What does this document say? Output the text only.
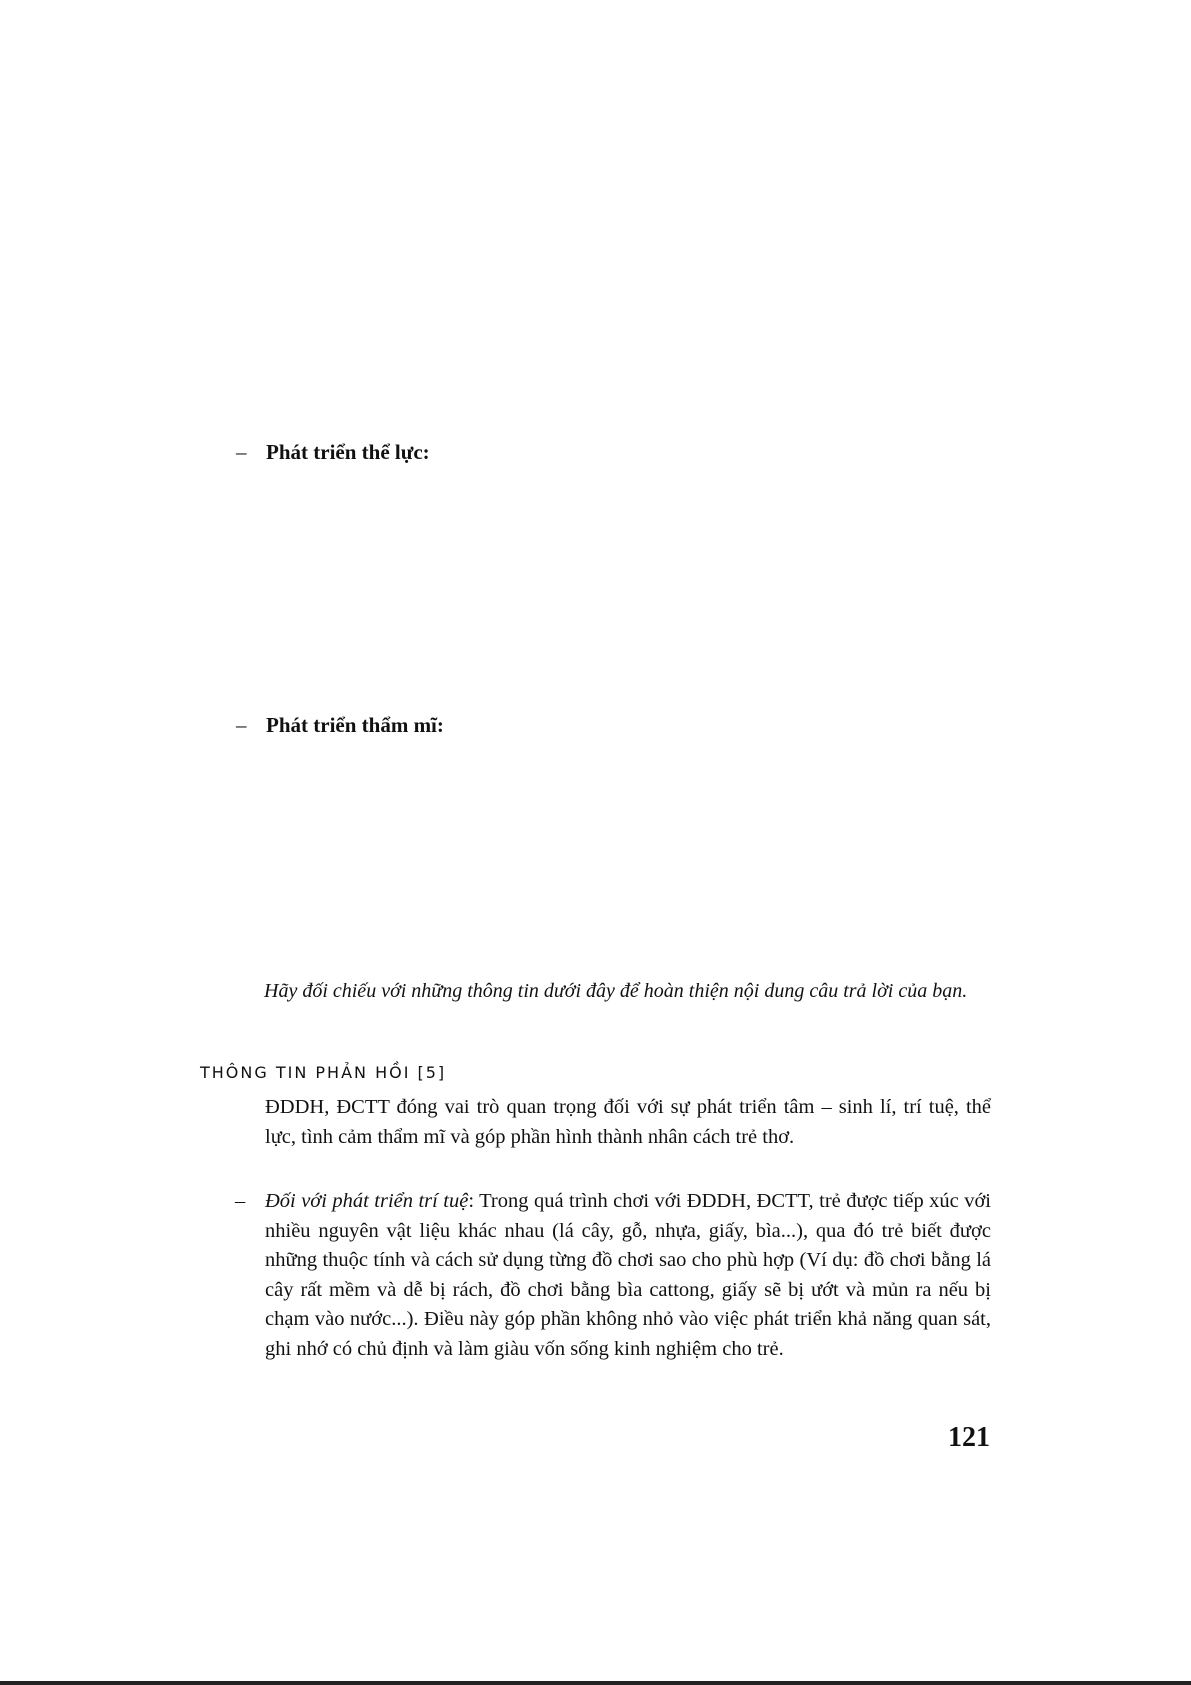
– Phát triển thể lực:
– Phát triển thẩm mĩ:
Hãy đối chiếu với những thông tin dưới đây để hoàn thiện nội dung câu trả lời của bạn.
THÔNG TIN PHẢN HỒI [5]
ĐDDH, ĐCTT đóng vai trò quan trọng đối với sự phát triển tâm – sinh lí, trí tuệ, thể lực, tình cảm thẩm mĩ và góp phần hình thành nhân cách trẻ thơ.
– Đối với phát triển trí tuệ: Trong quá trình chơi với ĐDDH, ĐCTT, trẻ được tiếp xúc với nhiều nguyên vật liệu khác nhau (lá cây, gỗ, nhựa, giấy, bìa...), qua đó trẻ biết được những thuộc tính và cách sử dụng từng đồ chơi sao cho phù hợp (Ví dụ: đồ chơi bằng lá cây rất mềm và dễ bị rách, đồ chơi bằng bìa cattong, giấy sẽ bị ướt và mủn ra nếu bị chạm vào nước...). Điều này góp phần không nhỏ vào việc phát triển khả năng quan sát, ghi nhớ có chủ định và làm giàu vốn sống kinh nghiệm cho trẻ.
121
